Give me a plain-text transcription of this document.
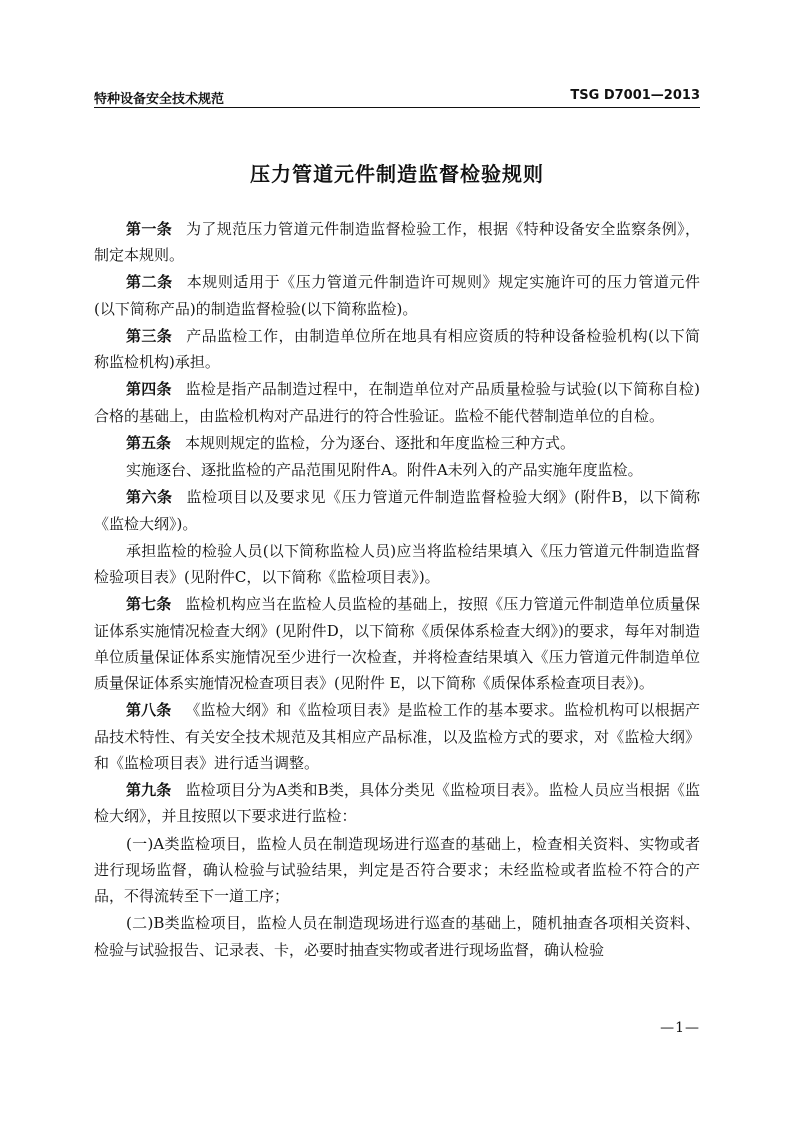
特种设备安全技术规范	TSG D7001—2013
压力管道元件制造监督检验规则

第一条 为了规范压力管道元件制造监督检验工作，根据《特种设备安全监察条例》，制定本规则。

第二条 本规则适用于《压力管道元件制造许可规则》规定实施许可的压力管道元件(以下简称产品)的制造监督检验(以下简称监检)。

第三条 产品监检工作，由制造单位所在地具有相应资质的特种设备检验机构(以下简称监检机构)承担。

第四条 监检是指产品制造过程中，在制造单位对产品质量检验与试验(以下简称自检)合格的基础上，由监检机构对产品进行的符合性验证。监检不能代替制造单位的自检。

第五条 本规则规定的监检，分为逐台、逐批和年度监检三种方式。

实施逐台、逐批监检的产品范围见附件A。附件A未列入的产品实施年度监检。

第六条 监检项目以及要求见《压力管道元件制造监督检验大纲》(附件B，以下简称《监检大纲》)。

承担监检的检验人员(以下简称监检人员)应当将监检结果填入《压力管道元件制造监督检验项目表》(见附件C，以下简称《监检项目表》)。

第七条 监检机构应当在监检人员监检的基础上，按照《压力管道元件制造单位质量保证体系实施情况检查大纲》(见附件D，以下简称《质保体系检查大纲》)的要求，每年对制造单位质量保证体系实施情况至少进行一次检查，并将检查结果填入《压力管道元件制造单位质量保证体系实施情况检查项目表》(见附件 E，以下简称《质保体系检查项目表》)。

第八条 《监检大纲》和《监检项目表》是监检工作的基本要求。监检机构可以根据产品技术特性、有关安全技术规范及其相应产品标准，以及监检方式的要求，对《监检大纲》和《监检项目表》进行适当调整。

第九条 监检项目分为A类和B类，具体分类见《监检项目表》。监检人员应当根据《监检大纲》，并且按照以下要求进行监检：

(一)A类监检项目，监检人员在制造现场进行巡查的基础上，检查相关资料、实物或者进行现场监督，确认检验与试验结果，判定是否符合要求；未经监检或者监检不符合的产品，不得流转至下一道工序；

(二)B类监检项目，监检人员在制造现场进行巡查的基础上，随机抽查各项相关资料、检验与试验报告、记录表、卡，必要时抽查实物或者进行现场监督，确认检验

—1—
